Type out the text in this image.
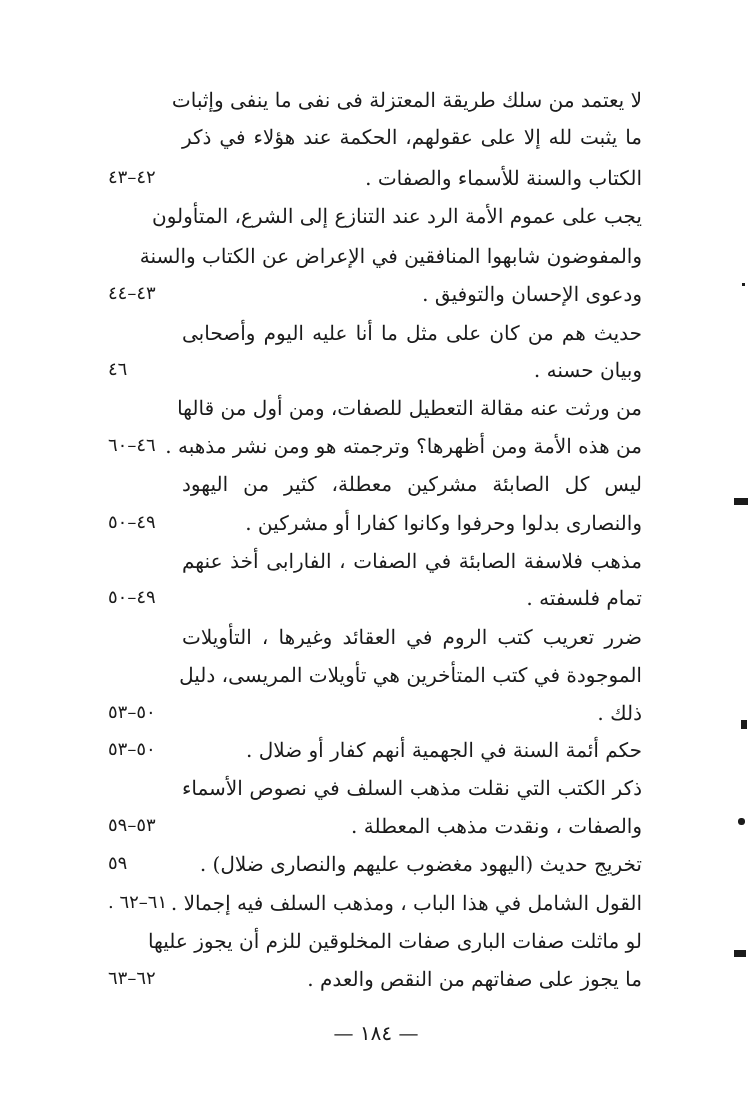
لا يعتمد من سلك طريقة المعتزلة فى نفى ما ينفى وإثبات
ما يثبت لله إلا على عقولهم، الحكمة عند هؤلاء في ذكر
الكتاب والسنة للأسماء والصفات .
٤٢–٤٣
يجب على عموم الأمة الرد عند التنازع إلى الشرع، المتأولون
والمفوضون شابهوا المنافقين في الإعراض عن الكتاب والسنة
ودعوى الإحسان والتوفيق .
٤٣–٤٤
حديث هم من كان على مثل ما أنا عليه اليوم وأصحابى
وبيان حسنه .
٤٦
من ورثت عنه مقالة التعطيل للصفات، ومن أول من قالها
من هذه الأمة ومن أظهرها؟ وترجمته هو ومن نشر مذهبه .
٤٦–٦٠
ليس كل الصابئة مشركين معطلة، كثير من اليهود
والنصارى بدلوا وحرفوا وكانوا كفارا أو مشركين .
٤٩–٥٠
مذهب فلاسفة الصابئة في الصفات ، الفارابى أخذ عنهم
تمام فلسفته .
٤٩–٥٠
ضرر تعريب كتب الروم في العقائد وغيرها ، التأويلات
الموجودة في كتب المتأخرين هي تأويلات المريسى، دليل
ذلك .
٥٠–٥٣
حكم أئمة السنة في الجهمية أنهم كفار أو ضلال .
٥٠–٥٣
ذكر الكتب التي نقلت مذهب السلف في نصوص الأسماء
والصفات ، ونقدت مذهب المعطلة .
٥٣–٥٩
تخريج حديث (اليهود مغضوب عليهم والنصارى ضلال) .
٥٩
القول الشامل في هذا الباب ، ومذهب السلف فيه إجمالا .
٦١–٦٢ .
لو ماثلت صفات البارى صفات المخلوقين للزم أن يجوز عليها
ما يجوز على صفاتهم من النقص والعدم .
٦٢–٦٣
— ١٨٤ —
